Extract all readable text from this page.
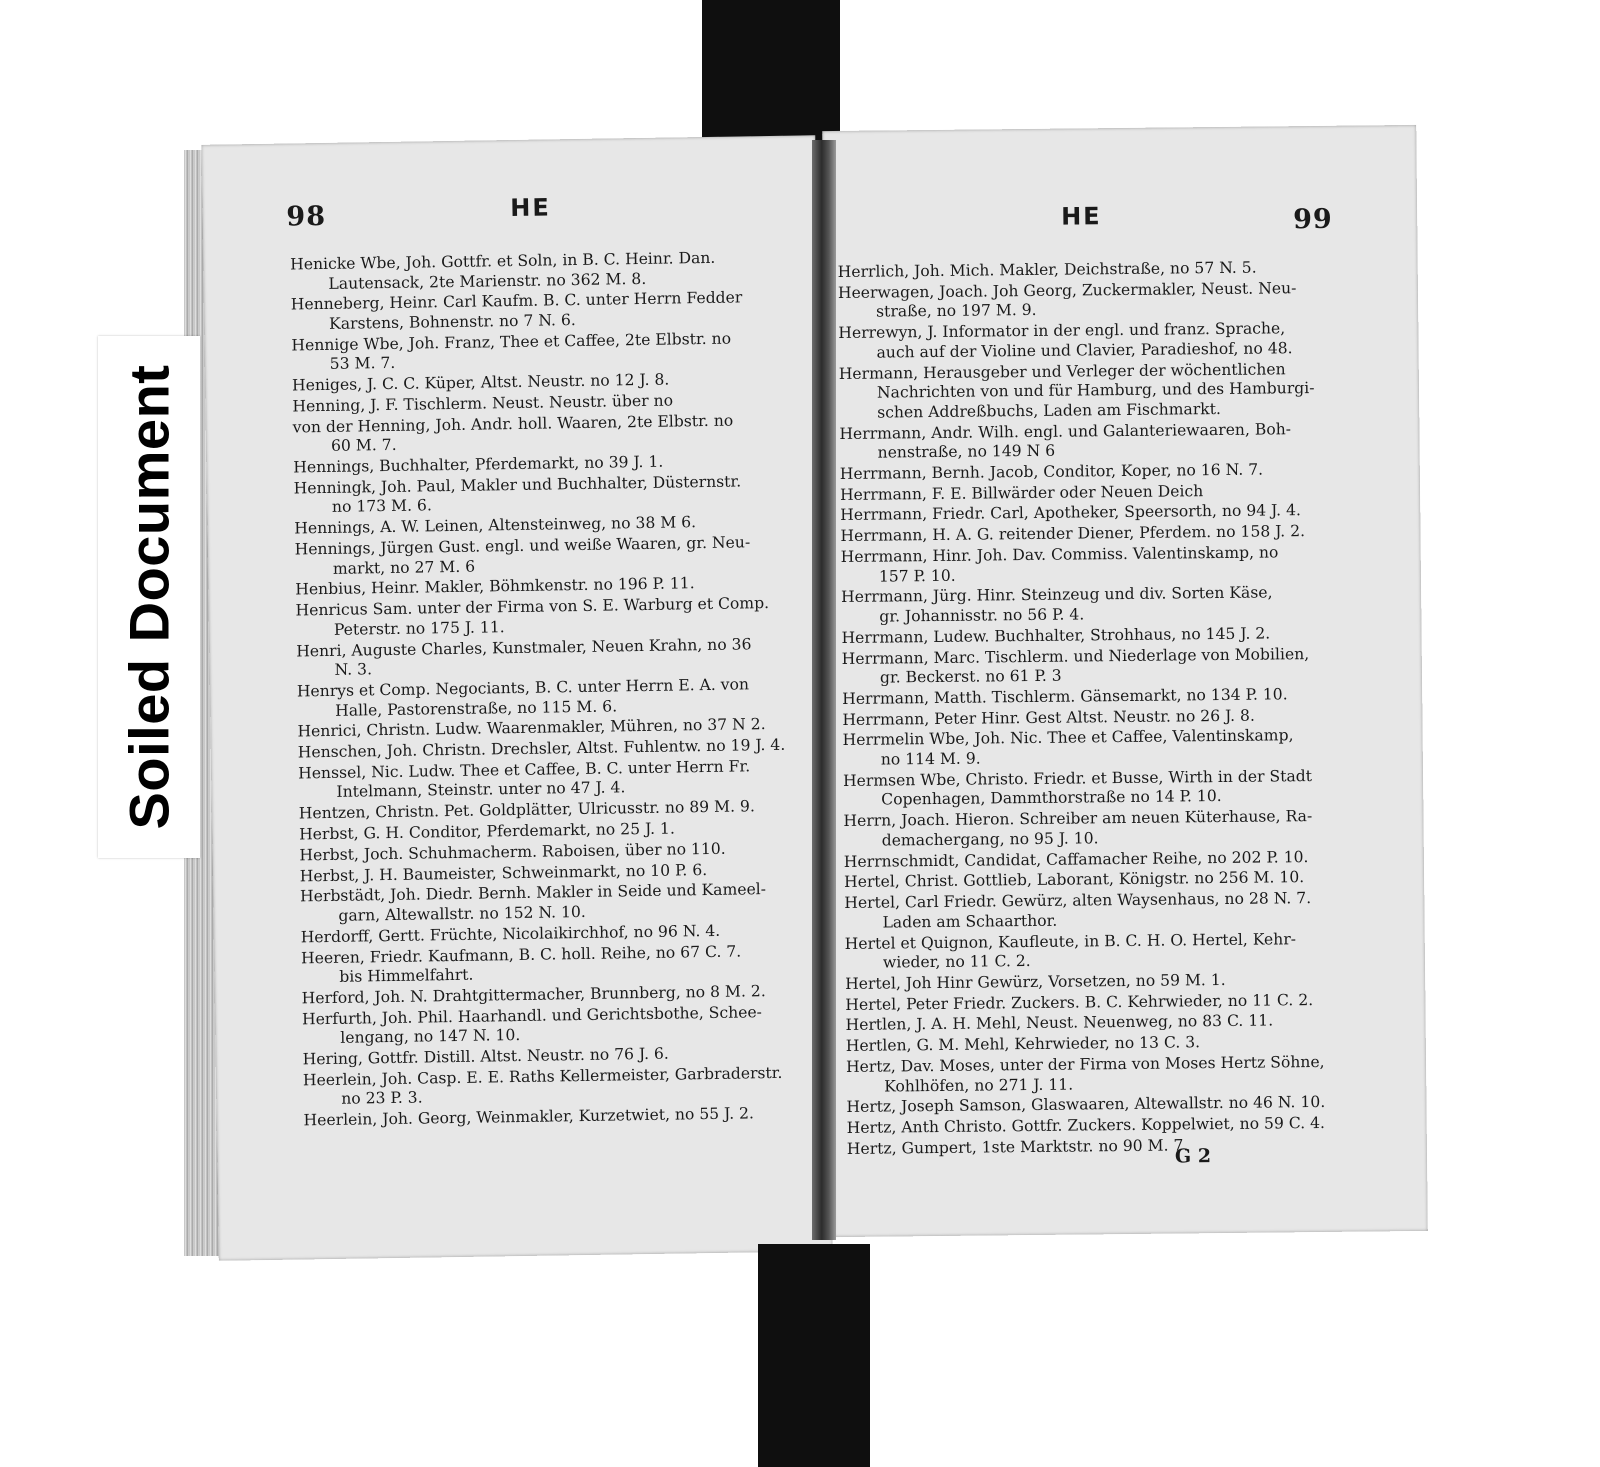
98	HE
Henicke Wbe, Joh. Gottfr. et Soln, in B. C. Heinr. Dan.
Lautensack, 2te Marienstr. no 362 M. 8.
Henneberg, Heinr. Carl Kaufm. B. C. unter Herrn Fedder
Karstens, Bohnenstr. no 7 N. 6.
Hennige Wbe, Joh. Franz, Thee et Caffee, 2te Elbstr. no
53 M. 7.
Heniges, J. C. C. Küper, Altst. Neustr. no 12 J. 8.
Henning, J. F. Tischlerm. Neust. Neustr. über no
von der Henning, Joh. Andr. holl. Waaren, 2te Elbstr. no
60 M. 7.
Hennings, Buchhalter, Pferdemarkt, no 39 J. 1.
Henningk, Joh. Paul, Makler und Buchhalter, Düsternstr.
no 173 M. 6.
Hennings, A. W. Leinen, Altensteinweg, no 38 M 6.
Hennings, Jürgen Gust. engl. und weiße Waaren, gr. Neu-
markt, no 27 M. 6
Henbius, Heinr. Makler, Böhmkenstr. no 196 P. 11.
Henricus Sam. unter der Firma von S. E. Warburg et Comp.
Peterstr. no 175 J. 11.
Henri, Auguste Charles, Kunstmaler, Neuen Krahn, no 36
N. 3.
Henrys et Comp. Negociants, B. C. unter Herrn E. A. von
Halle, Pastorenstraße, no 115 M. 6.
Henrici, Christn. Ludw. Waarenmakler, Mühren, no 37 N 2.
Henschen, Joh. Christn. Drechsler, Altst. Fuhlentw. no 19 J. 4.
Henssel, Nic. Ludw. Thee et Caffee, B. C. unter Herrn Fr.
Intelmann, Steinstr. unter no 47 J. 4.
Hentzen, Christn. Pet. Goldplätter, Ulricusstr. no 89 M. 9.
Herbst, G. H. Conditor, Pferdemarkt, no 25 J. 1.
Herbst, Joch. Schuhmacherm. Raboisen, über no 110.
Herbst, J. H. Baumeister, Schweinmarkt, no 10 P. 6.
Herbstädt, Joh. Diedr. Bernh. Makler in Seide und Kameel-
garn, Altewallstr. no 152 N. 10.
Herdorff, Gertt. Früchte, Nicolaikirchhof, no 96 N. 4.
Heeren, Friedr. Kaufmann, B. C. holl. Reihe, no 67 C. 7.
bis Himmelfahrt.
Herford, Joh. N. Drahtgittermacher, Brunnberg, no 8 M. 2.
Herfurth, Joh. Phil. Haarhandl. und Gerichtsbothe, Schee-
lengang, no 147 N. 10.
Hering, Gottfr. Distill. Altst. Neustr. no 76 J. 6.
Heerlein, Joh. Casp. E. E. Raths Kellermeister, Garbraderstr.
no 23 P. 3.
Heerlein, Joh. Georg, Weinmakler, Kurzetwiet, no 55 J. 2.
HE	99
Herrlich, Joh. Mich. Makler, Deichstraße, no 57 N. 5.
Heerwagen, Joach. Joh Georg, Zuckermakler, Neust. Neu-
straße, no 197 M. 9.
Herrewyn, J. Informator in der engl. und franz. Sprache,
auch auf der Violine und Clavier, Paradieshof, no 48.
Hermann, Herausgeber und Verleger der wöchentlichen
Nachrichten von und für Hamburg, und des Hamburgi-
schen Addreßbuchs, Laden am Fischmarkt.
Herrmann, Andr. Wilh. engl. und Galanteriewaaren, Boh-
nenstraße, no 149 N 6
Herrmann, Bernh. Jacob, Conditor, Koper, no 16 N. 7.
Herrmann, F. E. Billwärder oder Neuen Deich
Herrmann, Friedr. Carl, Apotheker, Speersorth, no 94 J. 4.
Herrmann, H. A. G. reitender Diener, Pferdem. no 158 J. 2.
Herrmann, Hinr. Joh. Dav. Commiss. Valentinskamp, no
157 P. 10.
Herrmann, Jürg. Hinr. Steinzeug und div. Sorten Käse,
gr. Johannisstr. no 56 P. 4.
Herrmann, Ludew. Buchhalter, Strohhaus, no 145 J. 2.
Herrmann, Marc. Tischlerm. und Niederlage von Mobilien,
gr. Beckerst. no 61 P. 3
Herrmann, Matth. Tischlerm. Gänsemarkt, no 134 P. 10.
Herrmann, Peter Hinr. Gest Altst. Neustr. no 26 J. 8.
Herrmelin Wbe, Joh. Nic. Thee et Caffee, Valentinskamp,
no 114 M. 9.
Hermsen Wbe, Christo. Friedr. et Busse, Wirth in der Stadt
Copenhagen, Dammthorstraße no 14 P. 10.
Herrn, Joach. Hieron. Schreiber am neuen Küterhause, Ra-
demachergang, no 95 J. 10.
Herrnschmidt, Candidat, Caffamacher Reihe, no 202 P. 10.
Hertel, Christ. Gottlieb, Laborant, Königstr. no 256 M. 10.
Hertel, Carl Friedr. Gewürz, alten Waysenhaus, no 28 N. 7.
Laden am Schaarthor.
Hertel et Quignon, Kaufleute, in B. C. H. O. Hertel, Kehr-
wieder, no 11 C. 2.
Hertel, Joh Hinr Gewürz, Vorsetzen, no 59 M. 1.
Hertel, Peter Friedr. Zuckers. B. C. Kehrwieder, no 11 C. 2.
Hertlen, J. A. H. Mehl, Neust. Neuenweg, no 83 C. 11.
Hertlen, G. M. Mehl, Kehrwieder, no 13 C. 3.
Hertz, Dav. Moses, unter der Firma von Moses Hertz Söhne,
Kohlhöfen, no 271 J. 11.
Hertz, Joseph Samson, Glaswaaren, Altewallstr. no 46 N. 10.
Hertz, Anth Christo. Gottfr. Zuckers. Koppelwiet, no 59 C. 4.
Hertz, Gumpert, 1ste Marktstr. no 90 M. 7.
G 2
Soiled Document
